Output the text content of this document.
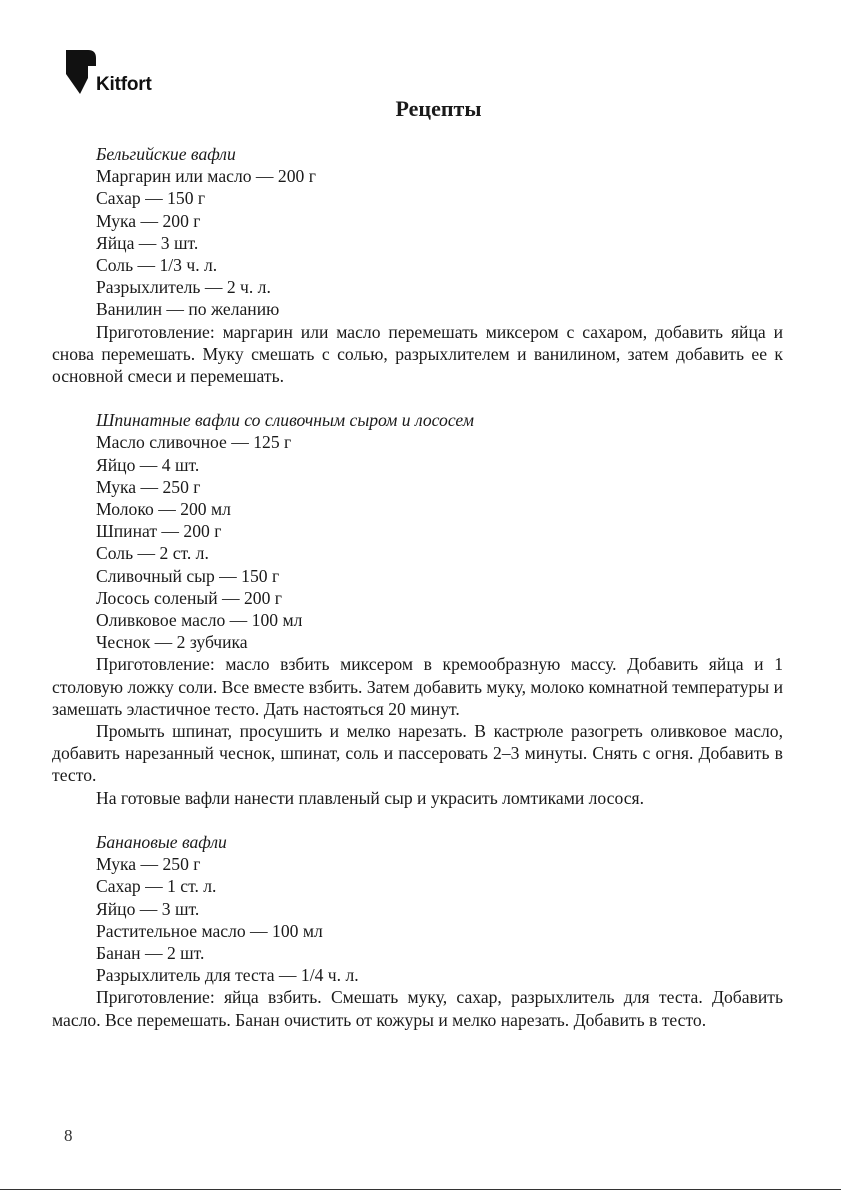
Kitfort
Рецепты

Бельгийские вафли

Маргарин или масло — 200 г

Сахар — 150 г

Мука — 200 г

Яйца — 3 шт.

Соль — 1/3 ч. л.

Разрыхлитель — 2 ч. л.

Ванилин — по желанию

Приготовление: маргарин или масло перемешать миксером с сахаром, добавить яйца и снова перемешать. Муку смешать с солью, разрыхлителем и ванилином, затем добавить ее к основной смеси и перемешать.

Шпинатные вафли со сливочным сыром и лососем

Масло сливочное — 125 г

Яйцо — 4 шт.

Мука — 250 г

Молоко — 200 мл

Шпинат — 200 г

Соль — 2 ст. л.

Сливочный сыр — 150 г

Лосось соленый — 200 г

Оливковое масло — 100 мл

Чеснок — 2 зубчика

Приготовление: масло взбить миксером в кремообразную массу. Добавить яйца и 1 столовую ложку соли. Все вместе взбить. Затем добавить муку, молоко комнатной температуры и замешать эластичное тесто. Дать настояться 20 минут.

Промыть шпинат, просушить и мелко нарезать. В кастрюле разогреть оливковое масло, добавить нарезанный чеснок, шпинат, соль и пассеровать 2–3 минуты. Снять с огня. Добавить в тесто.

На готовые вафли нанести плавленый сыр и украсить ломтиками лосося.

Банановые вафли

Мука — 250 г

Сахар — 1 ст. л.

Яйцо — 3 шт.

Растительное масло — 100 мл

Банан — 2 шт.

Разрыхлитель для теста — 1/4 ч. л.

Приготовление: яйца взбить. Смешать муку, сахар, разрыхлитель для теста. Добавить масло. Все перемешать. Банан очистить от кожуры и мелко нарезать. Добавить в тесто.

8
